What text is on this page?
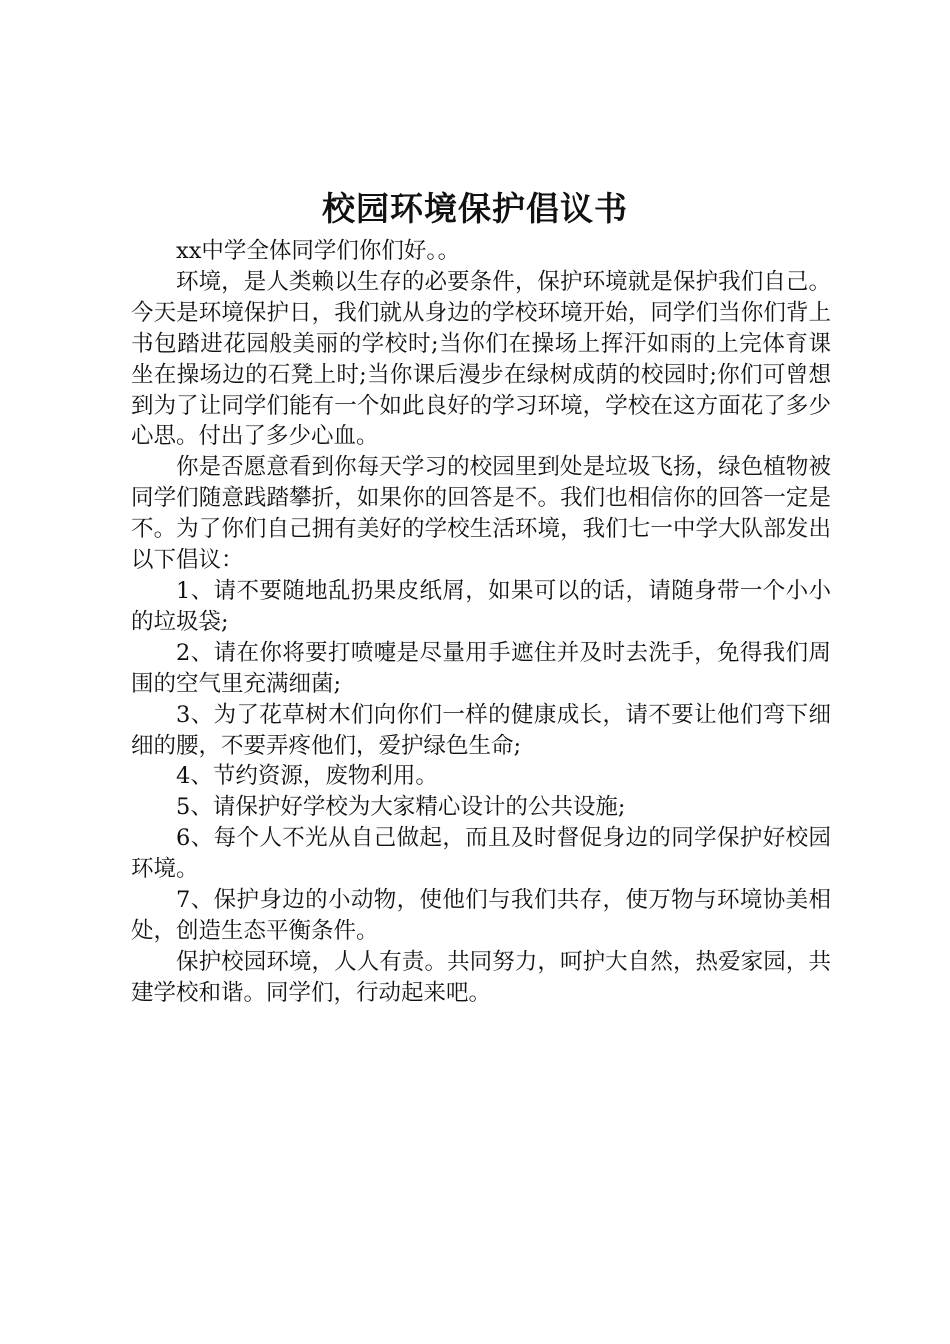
校园环境保护倡议书

xx中学全体同学们你们好。。

环境，是人类赖以生存的必要条件，保护环境就是保护我们自己。今天是环境保护日，我们就从身边的学校环境开始，同学们当你们背上书包踏进花园般美丽的学校时;当你们在操场上挥汗如雨的上完体育课坐在操场边的石凳上时;当你课后漫步在绿树成荫的校园时;你们可曾想到为了让同学们能有一个如此良好的学习环境，学校在这方面花了多少心思。付出了多少心血。

你是否愿意看到你每天学习的校园里到处是垃圾飞扬，绿色植物被同学们随意践踏攀折，如果你的回答是不。我们也相信你的回答一定是不。为了你们自己拥有美好的学校生活环境，我们七一中学大队部发出以下倡议：

1、请不要随地乱扔果皮纸屑，如果可以的话，请随身带一个小小的垃圾袋;

2、请在你将要打喷嚏是尽量用手遮住并及时去洗手，免得我们周围的空气里充满细菌;

3、为了花草树木们向你们一样的健康成长，请不要让他们弯下细细的腰，不要弄疼他们，爱护绿色生命;

4、节约资源，废物利用。

5、请保护好学校为大家精心设计的公共设施;

6、每个人不光从自己做起，而且及时督促身边的同学保护好校园环境。

7、保护身边的小动物，使他们与我们共存，使万物与环境协美相处，创造生态平衡条件。

保护校园环境，人人有责。共同努力，呵护大自然，热爱家园，共建学校和谐。同学们，行动起来吧。
